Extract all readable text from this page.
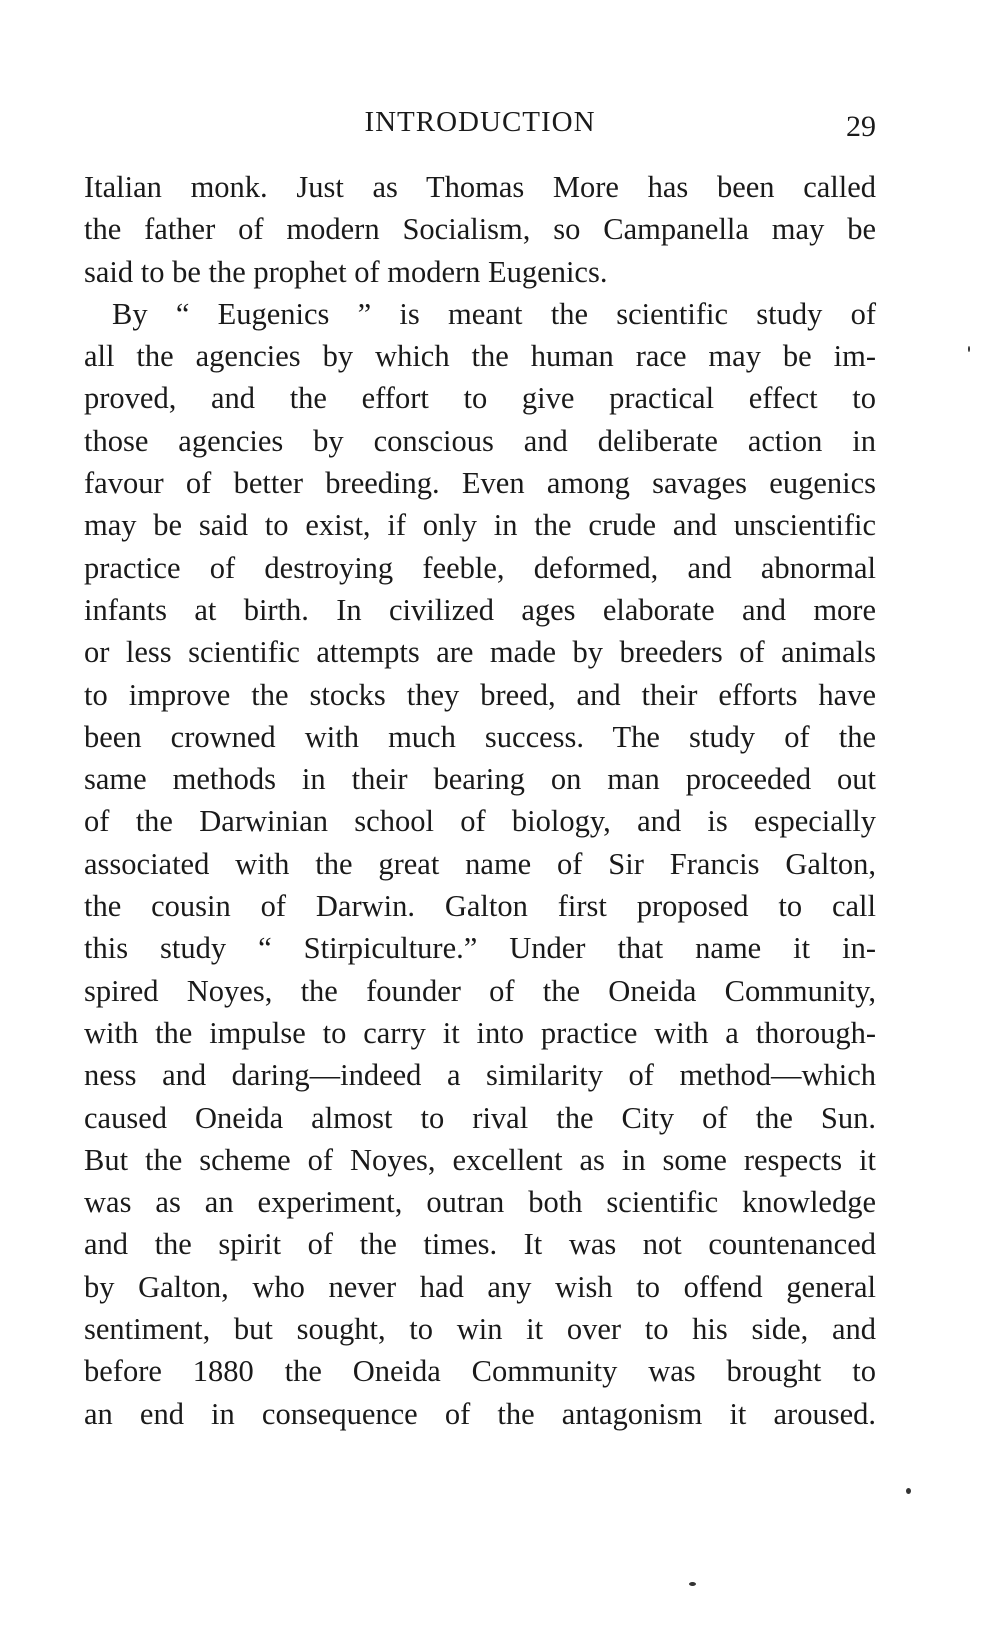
INTRODUCTION	29
Italian monk. Just as Thomas More has been called
the father of modern Socialism, so Campanella may be
said to be the prophet of modern Eugenics.
By “ Eugenics ” is meant the scientific study of
all the agencies by which the human race may be im-
proved, and the effort to give practical effect to
those agencies by conscious and deliberate action in
favour of better breeding. Even among savages eugenics
may be said to exist, if only in the crude and unscientific
practice of destroying feeble, deformed, and abnormal
infants at birth. In civilized ages elaborate and more
or less scientific attempts are made by breeders of animals
to improve the stocks they breed, and their efforts have
been crowned with much success. The study of the
same methods in their bearing on man proceeded out
of the Darwinian school of biology, and is especially
associated with the great name of Sir Francis Galton,
the cousin of Darwin. Galton first proposed to call
this study “ Stirpiculture.” Under that name it in-
spired Noyes, the founder of the Oneida Community,
with the impulse to carry it into practice with a thorough-
ness and daring—indeed a similarity of method—which
caused Oneida almost to rival the City of the Sun.
But the scheme of Noyes, excellent as in some respects it
was as an experiment, outran both scientific knowledge
and the spirit of the times. It was not countenanced
by Galton, who never had any wish to offend general
sentiment, but sought, to win it over to his side, and
before 1880 the Oneida Community was brought to
an end in consequence of the antagonism it aroused.
